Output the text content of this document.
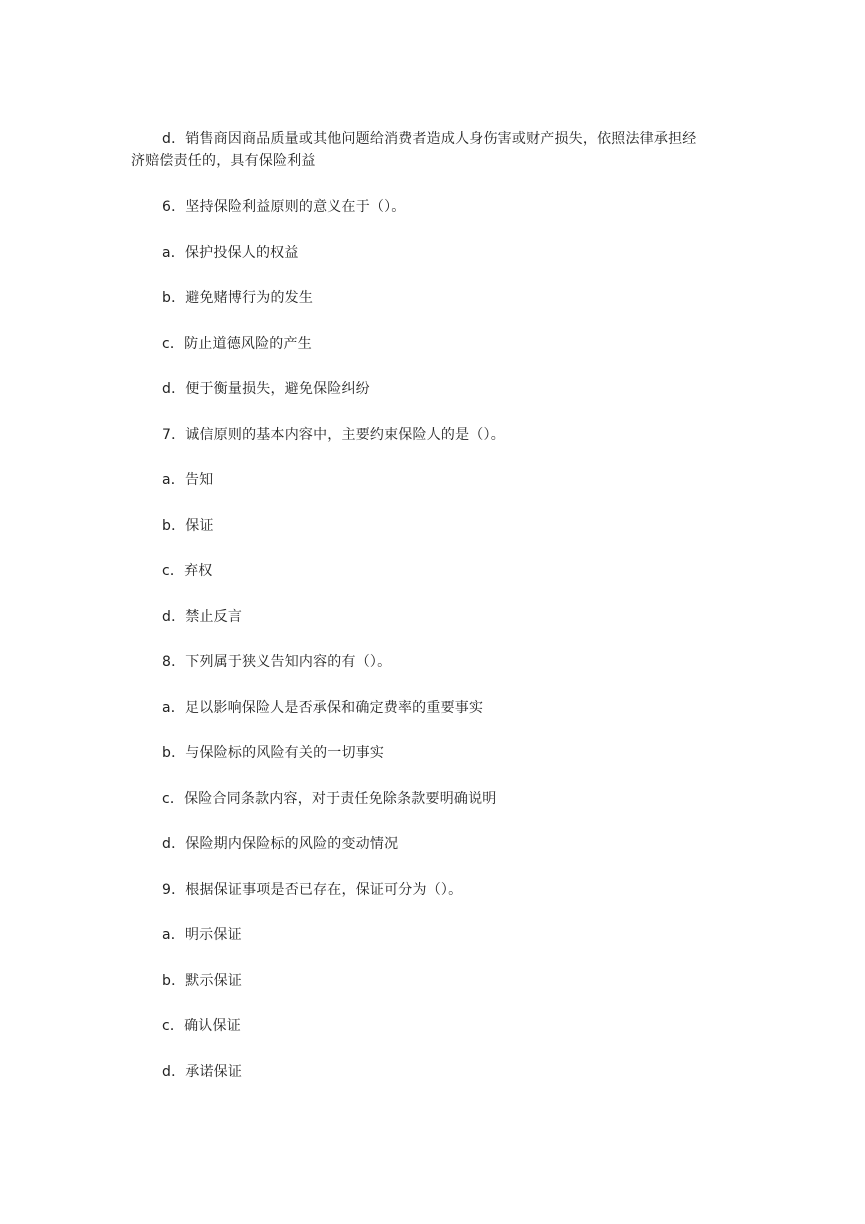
d．销售商因商品质量或其他问题给消费者造成人身伤害或财产损失，依照法律承担经
济赔偿责任的，具有保险利益
6．坚持保险利益原则的意义在于（）。
a．保护投保人的权益
b．避免赌博行为的发生
c．防止道德风险的产生
d．便于衡量损失，避免保险纠纷
7．诚信原则的基本内容中，主要约束保险人的是（）。
a．告知
b．保证
c．弃权
d．禁止反言
8．下列属于狭义告知内容的有（）。
a．足以影响保险人是否承保和确定费率的重要事实
b．与保险标的风险有关的一切事实
c．保险合同条款内容，对于责任免除条款要明确说明
d．保险期内保险标的风险的变动情况
9．根据保证事项是否已存在，保证可分为（）。
a．明示保证
b．默示保证
c．确认保证
d．承诺保证
